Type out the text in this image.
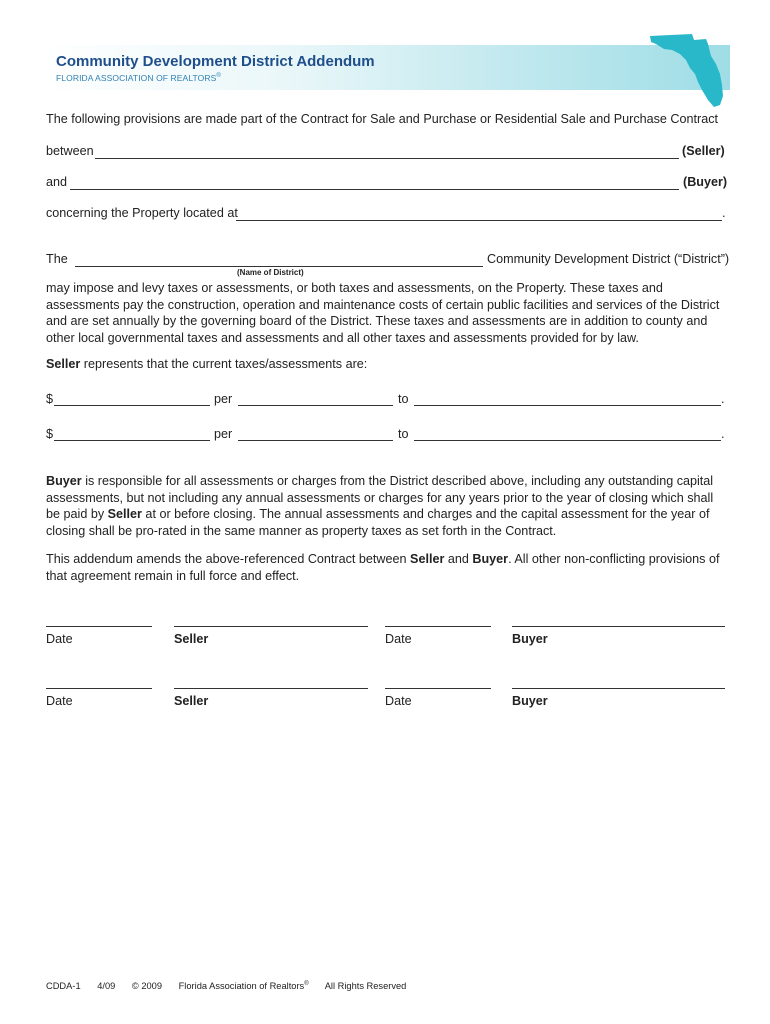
Community Development District Addendum
FLORIDA ASSOCIATION OF REALTORS®
The following provisions are made part of the Contract for Sale and Purchase or Residential Sale and Purchase Contract
between	(Seller)
and	(Buyer)
concerning the Property located at	.
The	Community Development District (“District”)
(Name of District)
may impose and levy taxes or assessments, or both taxes and assessments, on the Property. These taxes and assessments pay the construction, operation and maintenance costs of certain public facilities and services of the District and are set annually by the governing board of the District. These taxes and assessments are in addition to county and other local governmental taxes and assessments and all other taxes and assessments provided for by law.
Seller represents that the current taxes/assessments are:
$	per	to	.
$	per	to	.
Buyer is responsible for all assessments or charges from the District described above, including any outstanding capital assessments, but not including any annual assessments or charges for any years prior to the year of closing which shall be paid by Seller at or before closing. The annual assessments and charges and the capital assessment for the year of closing shall be pro-rated in the same manner as property taxes as set forth in the Contract.
This addendum amends the above-referenced Contract between Seller and Buyer. All other non-conflicting provisions of that agreement remain in full force and effect.
Date	Seller	Date	Buyer
Date	Seller	Date	Buyer
CDDA-1 4/09 © 2009 Florida Association of Realtors® All Rights Reserved
